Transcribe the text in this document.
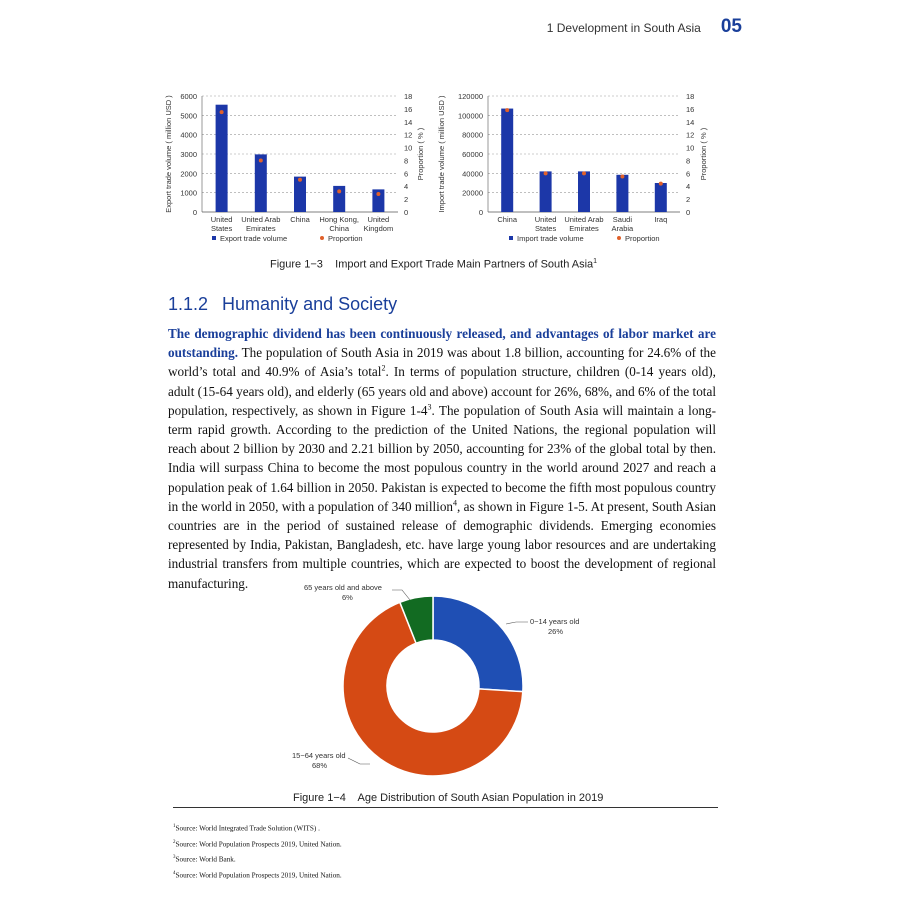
1 Development in South Asia 05
0
1000
2000
3000
4000
5000
6000
0
2
4
6
8
10
12
14
16
18
Export trade volume ( million USD )	Proportion ( % )
United
States
United Arab
Emirates
China Hong Kong,
China
United
Kingdom
Export trade volume	Proportion
0
20000
40000
60000
80000
100000
120000
0
2
4
6
8
10
12
14
16
18
Import trade volume ( million USD )	Proportion ( % )
China United
States
United Arab
Emirates
Saudi
Arabia
Iraq
Import trade volume	Proportion
Figure 1−3 Import and Export Trade Main Partners of South Asia$^1$
1.1.2 Humanity and Society
The demographic dividend has been continuously released, and advantages of labor market are outstanding. The population of South Asia in 2019 was about 1.8 billion, accounting for 24.6% of the world’s total and 40.9% of Asia’s total$^2$. In terms of population structure, children (0-14 years old), adult (15-64 years old), and elderly (65 years old and above) account for 26%, 68%, and 6% of the total population, respectively, as shown in Figure $1-4^3$. The population of South Asia will maintain a long-term rapid growth. According to the prediction of the United Nations, the regional population will reach about 2 billion by 2030 and 2.21 billion by 2050, accounting for 23% of the global total by then. India will surpass China to become the most populous country in the world around 2027 and reach a population peak of 1.64 billion in 2050. Pakistan is expected to become the fifth most populous country in the world in 2050, with a population of 340 million$^4$, as shown in Figure 1-5. At present, South Asian countries are in the period of sustained release of demographic dividends. Emerging economies represented by India, Pakistan, Bangladesh, etc. have large young labor resources and are undertaking industrial transfers from multiple countries, which are expected to boost the development of regional manufacturing.
0−14 years old
26%
15−64 years old
68%
65 years old and above
6%
Figure 1−4 Age Distribution of South Asian Population in 2019
$^1$Source: World Integrated Trade Solution (WITS) .
$^2$Source: World Population Prospects 2019, United Nation.
$^3$Source: World Bank.
$^4$Source: World Population Prospects 2019, United Nation.
